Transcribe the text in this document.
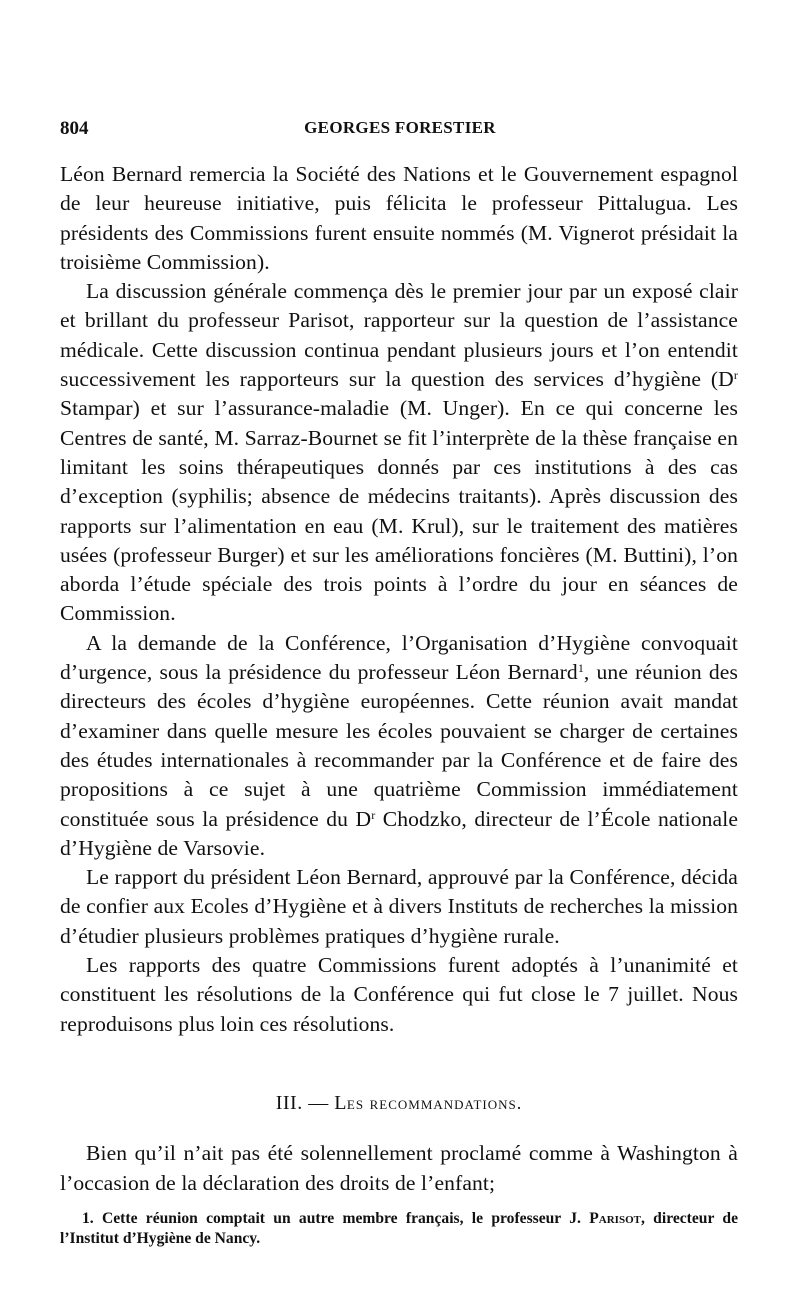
804	GEORGES FORESTIER

Léon Bernard remercia la Société des Nations et le Gouvernement espagnol de leur heureuse initiative, puis félicita le professeur Pittalugua. Les présidents des Commissions furent ensuite nommés (M. Vignerot présidait la troisième Commission).

La discussion générale commença dès le premier jour par un exposé clair et brillant du professeur Parisot, rapporteur sur la question de l’assistance médicale. Cette discussion continua pendant plusieurs jours et l’on entendit successivement les rapporteurs sur la question des services d’hygiène ($D^r$ Stampar) et sur l’assurance-maladie (M. Unger). En ce qui concerne les Centres de santé, M. Sarraz-Bournet se fit l’interprète de la thèse française en limitant les soins thérapeutiques donnés par ces institutions à des cas d’exception (syphilis; absence de médecins traitants). Après discussion des rapports sur l’alimentation en eau (M. Krul), sur le traitement des matières usées (professeur Burger) et sur les améliorations foncières (M. Buttini), l’on aborda l’étude spéciale des trois points à l’ordre du jour en séances de Commission.

A la demande de la Conférence, l’Organisation d’Hygiène convoquait d’urgence, sous la présidence du professeur Léon Bernard$^1$, une réunion des directeurs des écoles d’hygiène européennes. Cette réunion avait mandat d’examiner dans quelle mesure les écoles pouvaient se charger de certaines des études internationales à recommander par la Conférence et de faire des propositions à ce sujet à une quatrième Commission immédiatement constituée sous la présidence du $D^r$ Chodzko, directeur de l’École nationale d’Hygiène de Varsovie.

Le rapport du président Léon Bernard, approuvé par la Conférence, décida de confier aux Ecoles d’Hygiène et à divers Instituts de recherches la mission d’étudier plusieurs problèmes pratiques d’hygiène rurale.

Les rapports des quatre Commissions furent adoptés à l’unanimité et constituent les résolutions de la Conférence qui fut close le 7 juillet. Nous reproduisons plus loin ces résolutions.

III. — Les recommandations.

Bien qu’il n’ait pas été solennellement proclamé comme à Washington à l’occasion de la déclaration des droits de l’enfant;

1. Cette réunion comptait un autre membre français, le professeur J. Parisot, directeur de l’Institut d’Hygiène de Nancy.
